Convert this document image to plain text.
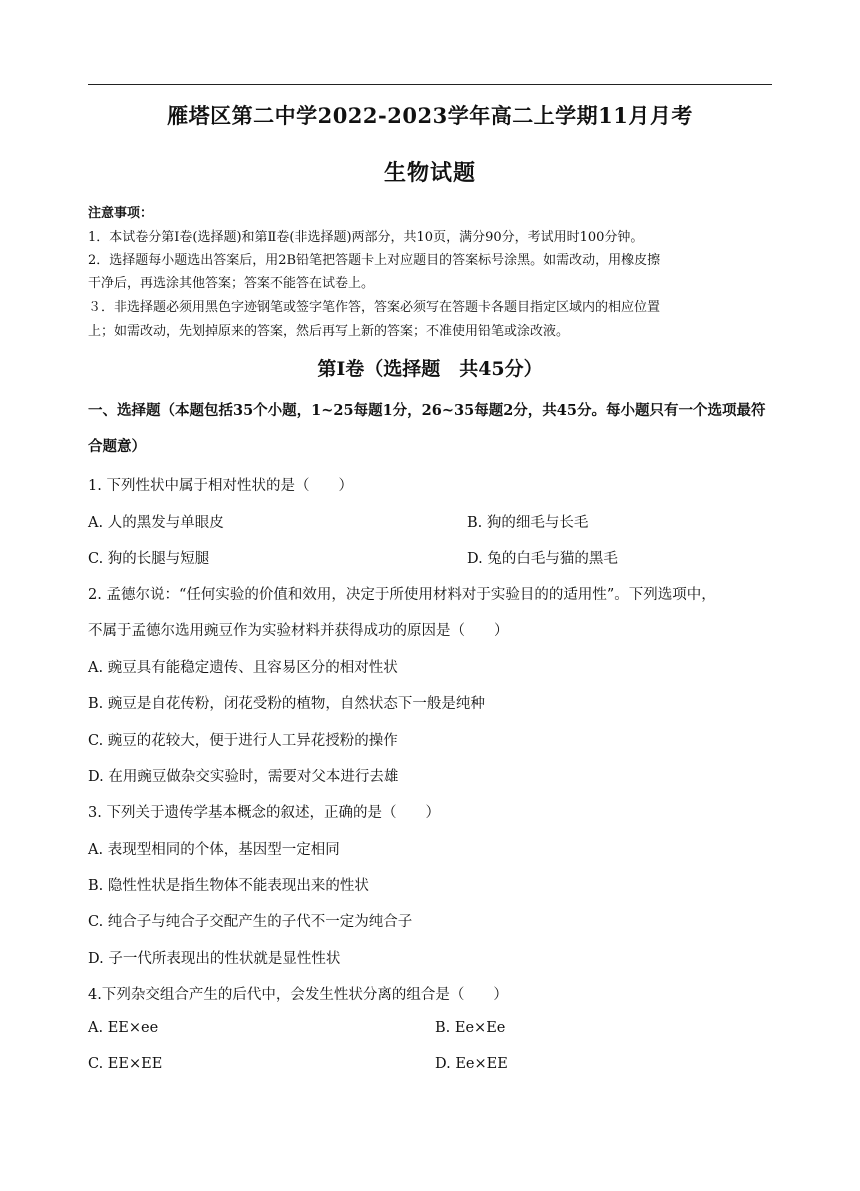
雁塔区第二中学2022-2023学年高二上学期11月月考
生物试题
注意事项：
1．本试卷分第Ⅰ卷(选择题)和第Ⅱ卷(非选择题)两部分，共10页，满分90分，考试用时100分钟。
2．选择题每小题选出答案后，用2B铅笔把答题卡上对应题目的答案标号涂黑。如需改动，用橡皮擦
干净后，再选涂其他答案；答案不能答在试卷上。
３．非选择题必须用黑色字迹钢笔或签字笔作答，答案必须写在答题卡各题目指定区域内的相应位置
上；如需改动，先划掉原来的答案，然后再写上新的答案；不准使用铅笔或涂改液。
第Ⅰ卷（选择题　共45分）
一、选择题（本题包括35个小题，1~25每题1分，26~35每题2分，共45分。每小题只有一个选项最符合题意）
1. 下列性状中属于相对性状的是（　　）
A. 人的黑发与单眼皮	B. 狗的细毛与长毛
C. 狗的长腿与短腿	D. 兔的白毛与猫的黑毛
2. 孟德尔说：“任何实验的价值和效用，决定于所使用材料对于实验目的的适用性”。下列选项中，
不属于孟德尔选用豌豆作为实验材料并获得成功的原因是（　　）
A. 豌豆具有能稳定遗传、且容易区分的相对性状
B. 豌豆是自花传粉，闭花受粉的植物，自然状态下一般是纯种
C. 豌豆的花较大，便于进行人工异花授粉的操作
D. 在用豌豆做杂交实验时，需要对父本进行去雄
3. 下列关于遗传学基本概念的叙述，正确的是（　　）
A. 表现型相同的个体，基因型一定相同
B. 隐性性状是指生物体不能表现出来的性状
C. 纯合子与纯合子交配产生的子代不一定为纯合子
D. 子一代所表现出的性状就是显性性状
4.下列杂交组合产生的后代中，会发生性状分离的组合是（　　）
A. EE×ee	B. Ee×Ee
C. EE×EE	D. Ee×EE
